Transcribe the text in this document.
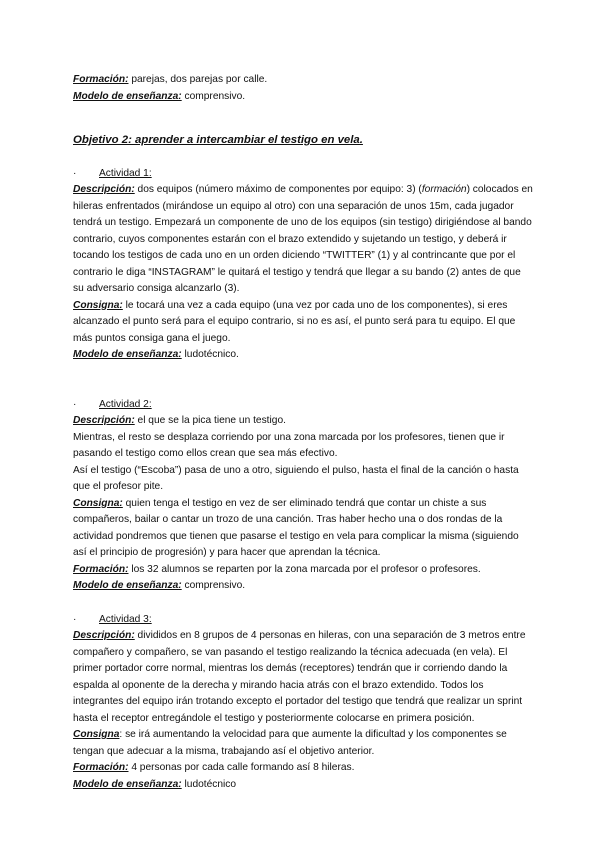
Formación: parejas, dos parejas por calle.

Modelo de enseñanza: comprensivo.

Objetivo 2: aprender a intercambiar el testigo en vela.

· Actividad 1:

Descripción: dos equipos (número máximo de componentes por equipo: 3) (formación) colocados en hileras enfrentados (mirándose un equipo al otro) con una separación de unos 15m, cada jugador tendrá un testigo. Empezará un componente de uno de los equipos (sin testigo) dirigiéndose al bando contrario, cuyos componentes estarán con el brazo extendido y sujetando un testigo, y deberá ir tocando los testigos de cada uno en un orden diciendo “TWITTER” (1) y al contrincante que por el contrario le diga “INSTAGRAM” le quitará el testigo y tendrá que llegar a su bando (2) antes de que su adversario consiga alcanzarlo (3).

Consigna: le tocará una vez a cada equipo (una vez por cada uno de los componentes), si eres alcanzado el punto será para el equipo contrario, si no es así, el punto será para tu equipo. El que más puntos consiga gana el juego.

Modelo de enseñanza: ludotécnico.

· Actividad 2:

Descripción: el que se la pica tiene un testigo.

Mientras, el resto se desplaza corriendo por una zona marcada por los profesores, tienen que ir pasando el testigo como ellos crean que sea más efectivo.

Así el testigo (“Escoba”) pasa de uno a otro, siguiendo el pulso, hasta el final de la canción o hasta que el profesor pite.

Consigna: quien tenga el testigo en vez de ser eliminado tendrá que contar un chiste a sus compañeros, bailar o cantar un trozo de una canción. Tras haber hecho una o dos rondas de la actividad pondremos que tienen que pasarse el testigo en vela para complicar la misma (siguiendo así el principio de progresión) y para hacer que aprendan la técnica.

Formación: los 32 alumnos se reparten por la zona marcada por el profesor o profesores.

Modelo de enseñanza: comprensivo.

· Actividad 3:

Descripción: divididos en 8 grupos de 4 personas en hileras, con una separación de 3 metros entre compañero y compañero, se van pasando el testigo realizando la técnica adecuada (en vela). El primer portador corre normal, mientras los demás (receptores) tendrán que ir corriendo dando la espalda al oponente de la derecha y mirando hacia atrás con el brazo extendido. Todos los integrantes del equipo irán trotando excepto el portador del testigo que tendrá que realizar un sprint hasta el receptor entregándole el testigo y posteriormente colocarse en primera posición.

Consigna: se irá aumentando la velocidad para que aumente la dificultad y los componentes se tengan que adecuar a la misma, trabajando así el objetivo anterior.

Formación: 4 personas por cada calle formando así 8 hileras.

Modelo de enseñanza: ludotécnico
